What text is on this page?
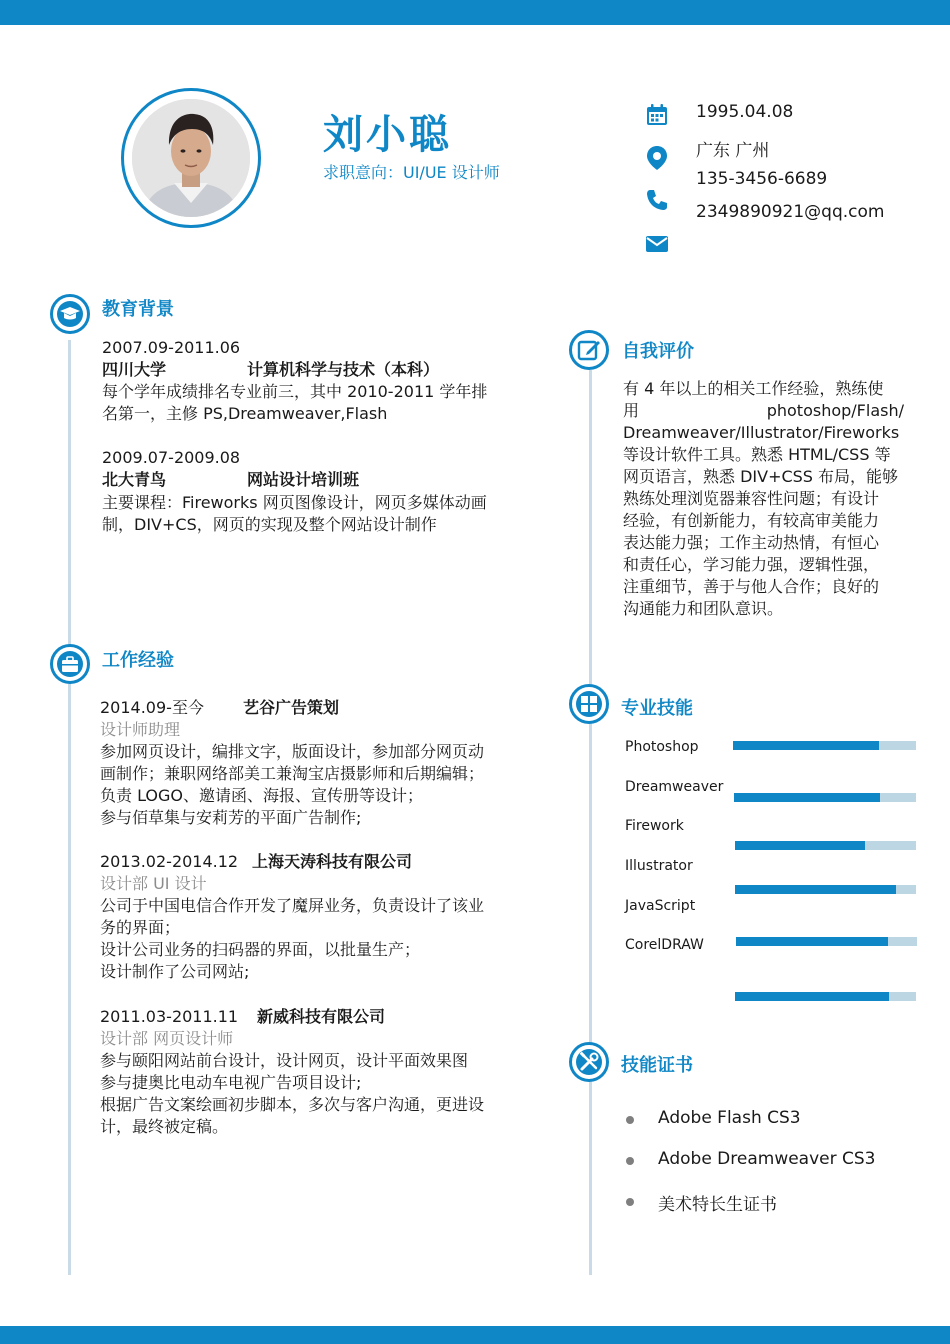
刘小聪
求职意向：UI/UE 设计师
1995.04.08
广东 广州
135-3456-6689
2349890921@qq.com
教育背景
2007.09-2011.06
四川大学	计算机科学与技术（本科）
每个学年成绩排名专业前三，其中 2010-2011 学年排
名第一，主修 PS,Dreamweaver,Flash
2009.07-2009.08
北大青鸟	网站设计培训班
主要课程：Fireworks 网页图像设计，网页多媒体动画
制，DIV+CS，网页的实现及整个网站设计制作
工作经验
2014.09-至今 艺谷广告策划
设计师助理
参加网页设计，编排文字，版面设计，参加部分网页动
画制作；兼职网络部美工兼淘宝店摄影师和后期编辑；
负责 LOGO、邀请函、海报、宣传册等设计；
参与佰草集与安莉芳的平面广告制作;
2013.02-2014.12 上海天涛科技有限公司
设计部 UI 设计
公司于中国电信合作开发了魔屏业务，负责设计了该业
务的界面；
设计公司业务的扫码器的界面，以批量生产；
设计制作了公司网站;
2011.03-2011.11 新威科技有限公司
设计部 网页设计师
参与颐阳网站前台设计，设计网页，设计平面效果图
参与捷奥比电动车电视广告项目设计;
根据广告文案绘画初步脚本，多次与客户沟通，更进设
计，最终被定稿。
自我评价
有 4 年以上的相关工作经验，熟练使
用 photoshop/Flash/
Dreamweaver/Illustrator/Fireworks
等设计软件工具。熟悉 HTML/CSS 等
网页语言，熟悉 DIV+CSS 布局，能够
熟练处理浏览器兼容性问题；有设计
经验，有创新能力，有较高审美能力
表达能力强；工作主动热情，有恒心
和责任心，学习能力强，逻辑性强，
注重细节，善于与他人合作；良好的
沟通能力和团队意识。
专业技能
Photoshop
Dreamweaver
Firework
Illustrator
JavaScript
CorelDRAW
技能证书
Adobe Flash CS3
Adobe Dreamweaver CS3
美术特长生证书
